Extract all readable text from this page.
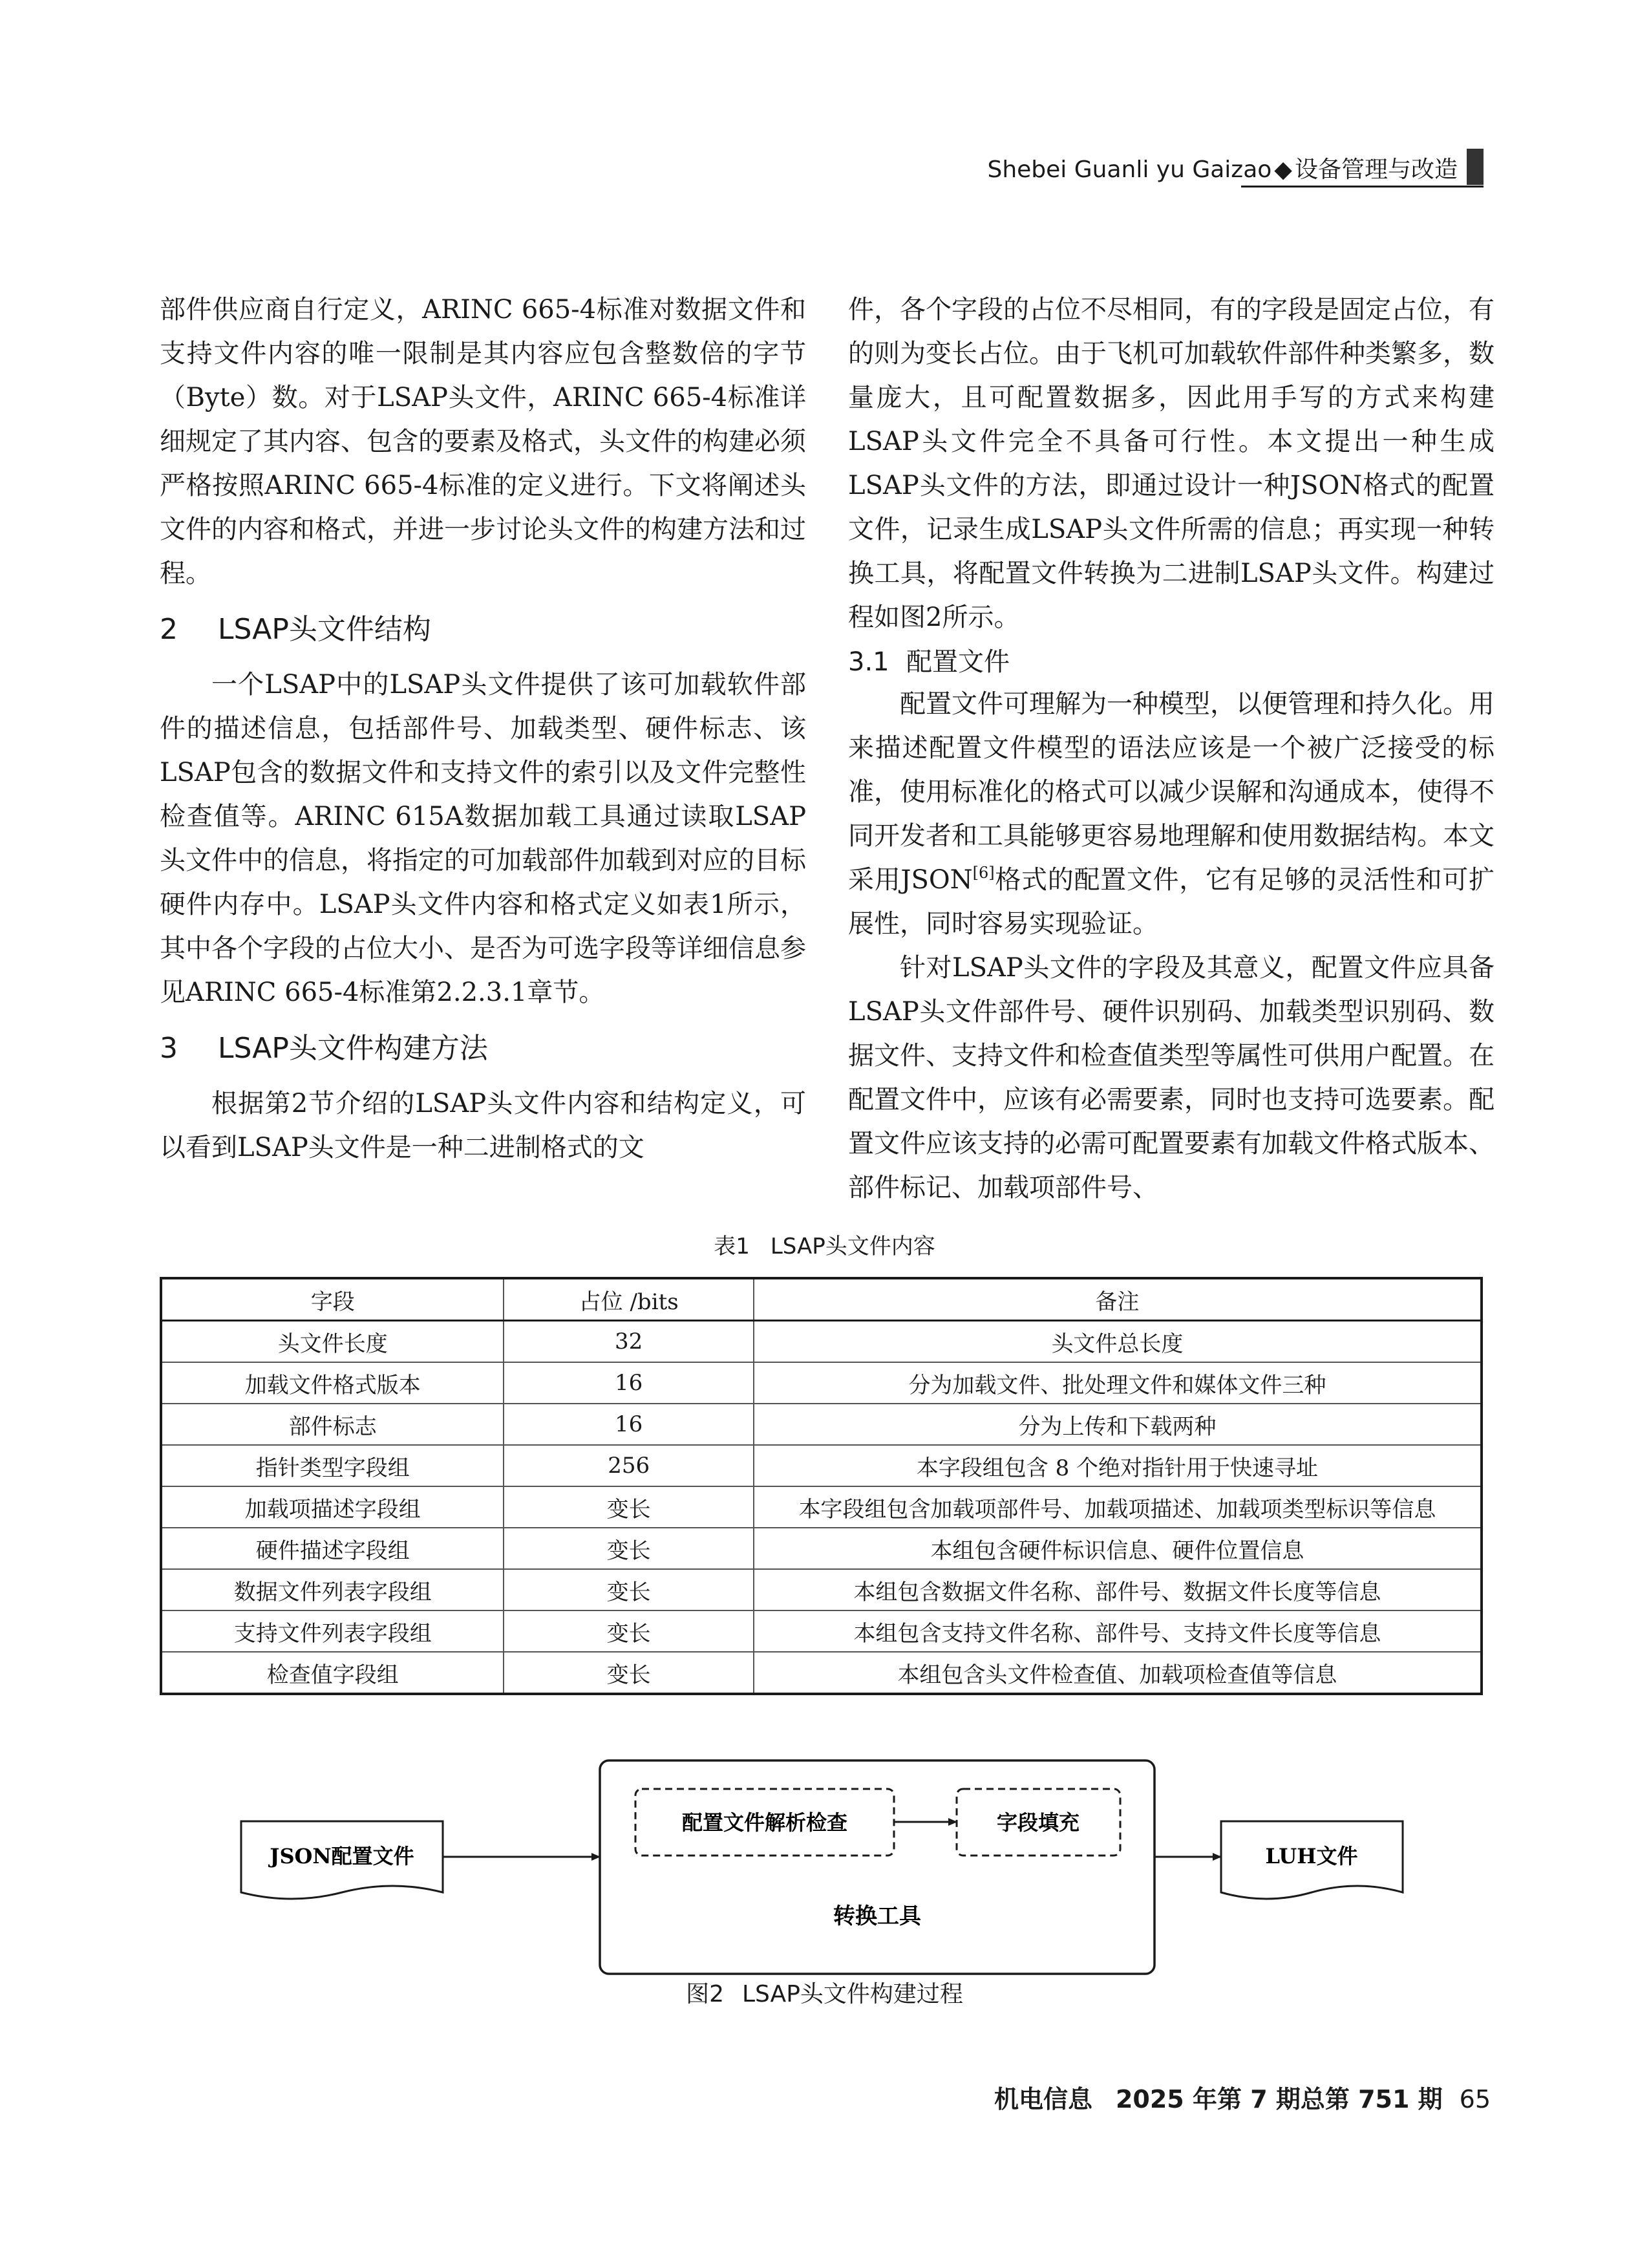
Shebei Guanli yu Gaizao ◆ 设备管理与改造

部件供应商自行定义，ARINC 665-4标准对数据文件和支持文件内容的唯一限制是其内容应包含整数倍的字节（Byte）数。对于LSAP头文件，ARINC 665-4标准详细规定了其内容、包含的要素及格式，头文件的构建必须严格按照ARINC 665-4标准的定义进行。下文将阐述头文件的内容和格式，并进一步讨论头文件的构建方法和过程。

2 LSAP头文件结构

一个LSAP中的LSAP头文件提供了该可加载软件部件的描述信息，包括部件号、加载类型、硬件标志、该LSAP包含的数据文件和支持文件的索引以及文件完整性检查值等。ARINC 615A数据加载工具通过读取LSAP头文件中的信息，将指定的可加载部件加载到对应的目标硬件内存中。LSAP头文件内容和格式定义如表1所示，其中各个字段的占位大小、是否为可选字段等详细信息参见ARINC 665-4标准第2.2.3.1章节。

3 LSAP头文件构建方法

根据第2节介绍的LSAP头文件内容和结构定义，可以看到LSAP头文件是一种二进制格式的文

件，各个字段的占位不尽相同，有的字段是固定占位，有的则为变长占位。由于飞机可加载软件部件种类繁多，数量庞大，且可配置数据多，因此用手写的方式来构建LSAP头文件完全不具备可行性。本文提出一种生成LSAP头文件的方法，即通过设计一种JSON格式的配置文件，记录生成LSAP头文件所需的信息；再实现一种转换工具，将配置文件转换为二进制LSAP头文件。构建过程如图2所示。

3.1 配置文件

配置文件可理解为一种模型，以便管理和持久化。用来描述配置文件模型的语法应该是一个被广泛接受的标准，使用标准化的格式可以减少误解和沟通成本，使得不同开发者和工具能够更容易地理解和使用数据结构。本文采用JSON[6]格式的配置文件，它有足够的灵活性和可扩展性，同时容易实现验证。

针对LSAP头文件的字段及其意义，配置文件应具备LSAP头文件部件号、硬件识别码、加载类型识别码、数据文件、支持文件和检查值类型等属性可供用户配置。在配置文件中，应该有必需要素，同时也支持可选要素。配置文件应该支持的必需可配置要素有加载文件格式版本、部件标记、加载项部件号、

表1 LSAP头文件内容
字段	占位 /bits	备注
头文件长度	32	头文件总长度
加载文件格式版本	16	分为加载文件、批处理文件和媒体文件三种
部件标志	16	分为上传和下载两种
指针类型字段组	256	本字段组包含 8 个绝对指针用于快速寻址
加载项描述字段组	变长	本字段组包含加载项部件号、加载项描述、加载项类型标识等信息
硬件描述字段组	变长	本组包含硬件标识信息、硬件位置信息
数据文件列表字段组	变长	本组包含数据文件名称、部件号、数据文件长度等信息
支持文件列表字段组	变长	本组包含支持文件名称、部件号、支持文件长度等信息
检查值字段组	变长	本组包含头文件检查值、加载项检查值等信息
JSON配置文件
配置文件解析检查	字段填充
转换工具
LUH文件
图2 LSAP头文件构建过程
机电信息 2025 年第 7 期总第 751 期 65
